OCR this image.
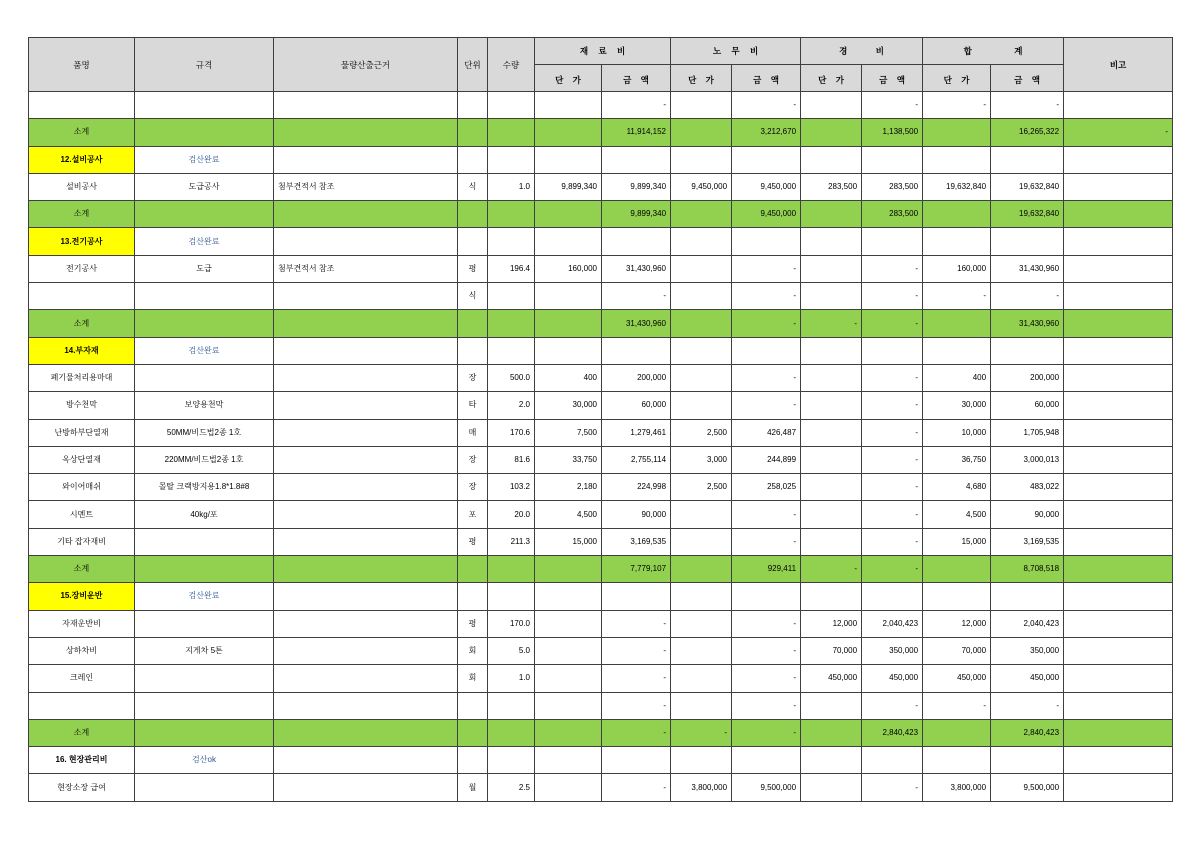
품명	규격	물량산출근거	단위	수량	재 료 비		노 무 비		경 비		합 계		비고
					단 가	금 액	단 가	금 액	단 가	금 액	단 가	금 액	
						-		-		-	-	-	
소계						11,914,152		3,212,670		1,138,500		16,265,322	-
12.설비공사	검산완료												
설비공사	도급공사	첨부견적서 참조	식	1.0	9,899,340	9,899,340	9,450,000	9,450,000	283,500	283,500	19,632,840	19,632,840	
소계						9,899,340		9,450,000		283,500		19,632,840	
13.전기공사	검산완료												
전기공사	도급	첨부견적서 참조	평	196.4	160,000	31,430,960		-		-	160,000	31,430,960	
			식			-		-		-	-	-	
소계						31,430,960		-	-	-		31,430,960	
14.부자재	검산완료												
폐기물처리용마대			장	500.0	400	200,000		-		-	400	200,000	
방수천막	보양용천막		타	2.0	30,000	60,000		-		-	30,000	60,000	
난방하부단열재	50MM/비드법2종 1호		매	170.6	7,500	1,279,461	2,500	426,487		-	10,000	1,705,948	
옥상단열재	220MM/비드법2종 1호		장	81.6	33,750	2,755,114	3,000	244,899		-	36,750	3,000,013	
와이어매쉬	몰탈 크랙방지용1.8*1.8#8		장	103.2	2,180	224,998	2,500	258,025		-	4,680	483,022	
시멘트	40kg/포		포	20.0	4,500	90,000		-		-	4,500	90,000	
기타 잡자재비			평	211.3	15,000	3,169,535		-		-	15,000	3,169,535	
소계						7,779,107		929,411	-	-		8,708,518	
15.장비운반	검산완료												
자재운반비			평	170.0		-		-	12,000	2,040,423	12,000	2,040,423	
상하차비	지게차 5톤		회	5.0		-		-	70,000	350,000	70,000	350,000	
크레인			회	1.0		-		-	450,000	450,000	450,000	450,000	
						-		-		-	-	-	
소계						-	-	-		2,840,423		2,840,423	
16. 현장관리비	검산ok												
현장소장 급여			월	2.5		-	3,800,000	9,500,000		-	3,800,000	9,500,000	
